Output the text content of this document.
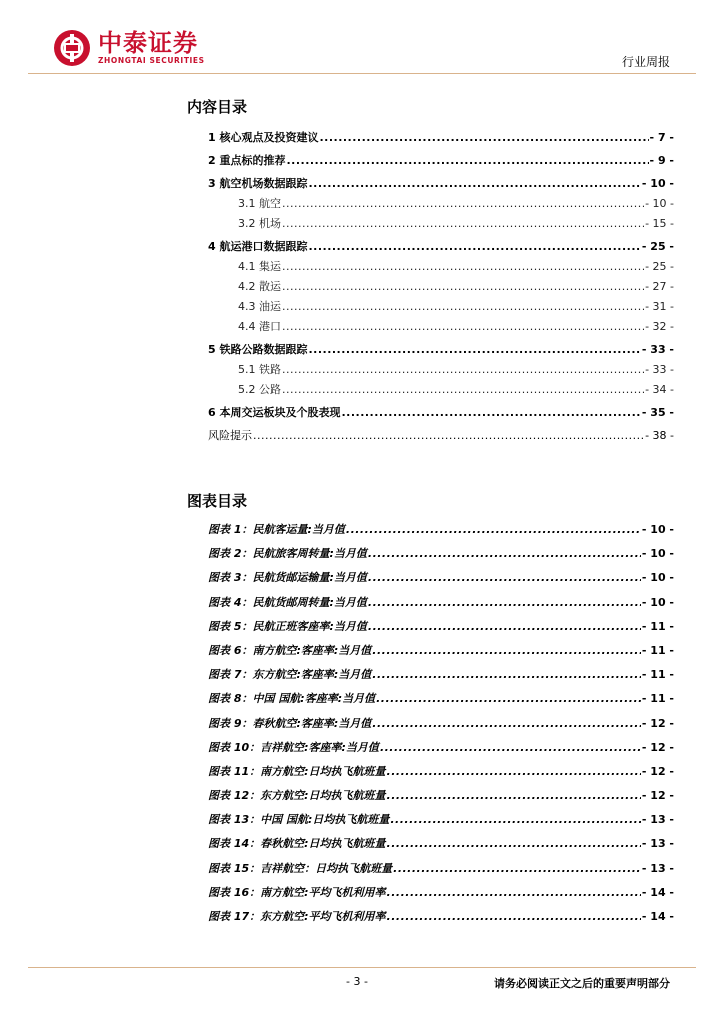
中泰证券
ZHONGTAI SECURITIES	行业周报
内容目录
1 核心观点及投资建议 .....	- 7 -
2 重点标的推荐 .....	- 9 -
3 航空机场数据跟踪 .....	- 10 -
3.1 航空 .....	- 10 -
3.2 机场 .....	- 15 -
4 航运港口数据跟踪 .....	- 25 -
4.1 集运 .....	- 25 -
4.2 散运 .....	- 27 -
4.3 油运 .....	- 31 -
4.4 港口 .....	- 32 -
5 铁路公路数据跟踪 .....	- 33 -
5.1 铁路 .....	- 33 -
5.2 公路 .....	- 34 -
6 本周交运板块及个股表现 .....	- 35 -
风险提示 .....	- 38 -
图表目录
图表 1：民航客运量:当月值 .....	- 10 -
图表 2：民航旅客周转量:当月值 .....	- 10 -
图表 3：民航货邮运输量:当月值 .....	- 10 -
图表 4：民航货邮周转量:当月值 .....	- 10 -
图表 5：民航正班客座率:当月值 .....	- 11 -
图表 6：南方航空:客座率:当月值 .....	- 11 -
图表 7：东方航空:客座率:当月值 .....	- 11 -
图表 8：中国 国航:客座率:当月值 .....	- 11 -
图表 9：春秋航空:客座率:当月值 .....	- 12 -
图表 10：吉祥航空:客座率:当月值 .....	- 12 -
图表 11：南方航空:日均执飞航班量 .....	- 12 -
图表 12：东方航空:日均执飞航班量 .....	- 12 -
图表 13：中国 国航:日均执飞航班量 .....	- 13 -
图表 14：春秋航空:日均执飞航班量 .....	- 13 -
图表 15：吉祥航空：日均执飞航班量 .....	- 13 -
图表 16：南方航空:平均飞机利用率 .....	- 14 -
图表 17：东方航空:平均飞机利用率 .....	- 14 -
- 3 -	请务必阅读正文之后的重要声明部分
